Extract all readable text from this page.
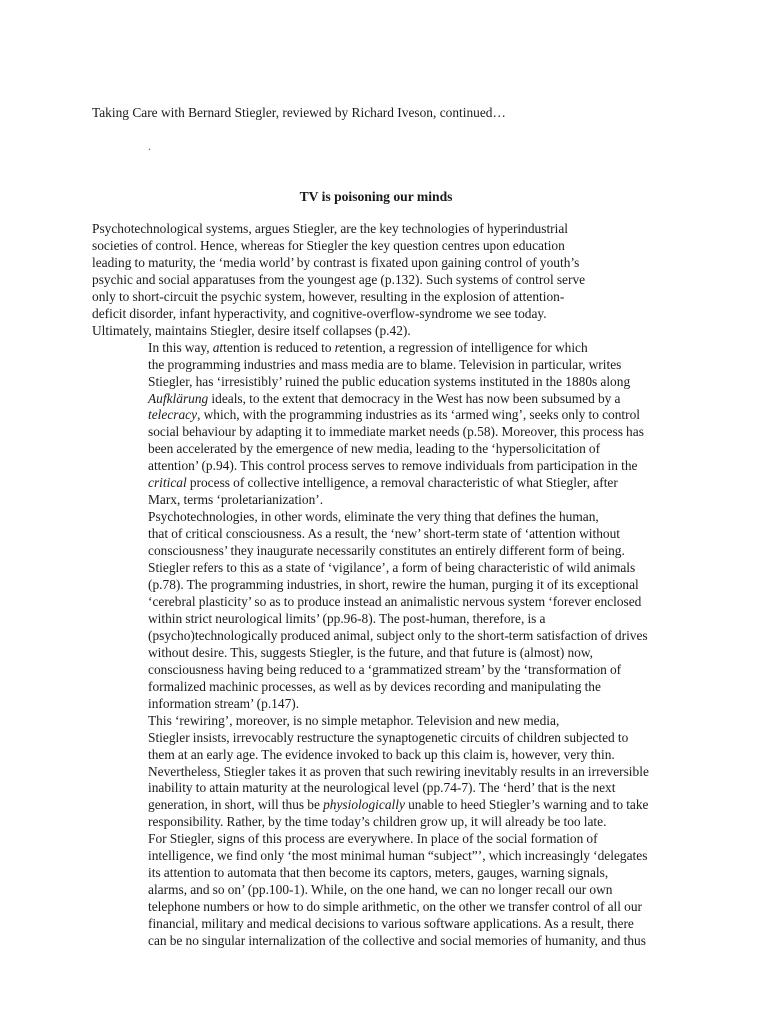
Taking Care with Bernard Stiegler, reviewed by Richard Iveson, continued…

.
TV is poisoning our minds

Psychotechnological systems, argues Stiegler, are the key technologies of hyperindustrial
societies of control. Hence, whereas for Stiegler the key question centres upon education
leading to maturity, the ‘media world’ by contrast is fixated upon gaining control of youth’s
psychic and social apparatuses from the youngest age (p.132). Such systems of control serve
only to short-circuit the psychic system, however, resulting in the explosion of attention-
deficit disorder, infant hyperactivity, and cognitive-overflow-syndrome we see today.
Ultimately, maintains Stiegler, desire itself collapses (p.42).

In this way, attention is reduced to retention, a regression of intelligence for which
the programming industries and mass media are to blame. Television in particular, writes
Stiegler, has ‘irresistibly’ ruined the public education systems instituted in the 1880s along
Aufklärung ideals, to the extent that democracy in the West has now been subsumed by a
telecracy, which, with the programming industries as its ‘armed wing’, seeks only to control
social behaviour by adapting it to immediate market needs (p.58). Moreover, this process has
been accelerated by the emergence of new media, leading to the ‘hypersolicitation of
attention’ (p.94). This control process serves to remove individuals from participation in the
critical process of collective intelligence, a removal characteristic of what Stiegler, after
Marx, terms ‘proletarianization’.

Psychotechnologies, in other words, eliminate the very thing that defines the human,
that of critical consciousness. As a result, the ‘new’ short-term state of ‘attention without
consciousness’ they inaugurate necessarily constitutes an entirely different form of being.
Stiegler refers to this as a state of ‘vigilance’, a form of being characteristic of wild animals
(p.78). The programming industries, in short, rewire the human, purging it of its exceptional
‘cerebral plasticity’ so as to produce instead an animalistic nervous system ‘forever enclosed
within strict neurological limits’ (pp.96-8). The post-human, therefore, is a
(psycho)technologically produced animal, subject only to the short-term satisfaction of drives
without desire. This, suggests Stiegler, is the future, and that future is (almost) now,
consciousness having being reduced to a ‘grammatized stream’ by the ‘transformation of
formalized machinic processes, as well as by devices recording and manipulating the
information stream’ (p.147).

This ‘rewiring’, moreover, is no simple metaphor. Television and new media,
Stiegler insists, irrevocably restructure the synaptogenetic circuits of children subjected to
them at an early age. The evidence invoked to back up this claim is, however, very thin.
Nevertheless, Stiegler takes it as proven that such rewiring inevitably results in an irreversible
inability to attain maturity at the neurological level (pp.74-7). The ‘herd’ that is the next
generation, in short, will thus be physiologically unable to heed Stiegler’s warning and to take
responsibility. Rather, by the time today’s children grow up, it will already be too late.

For Stiegler, signs of this process are everywhere. In place of the social formation of
intelligence, we find only ‘the most minimal human “subject”’, which increasingly ‘delegates
its attention to automata that then become its captors, meters, gauges, warning signals,
alarms, and so on’ (pp.100-1). While, on the one hand, we can no longer recall our own
telephone numbers or how to do simple arithmetic, on the other we transfer control of all our
financial, military and medical decisions to various software applications. As a result, there
can be no singular internalization of the collective and social memories of humanity, and thus
